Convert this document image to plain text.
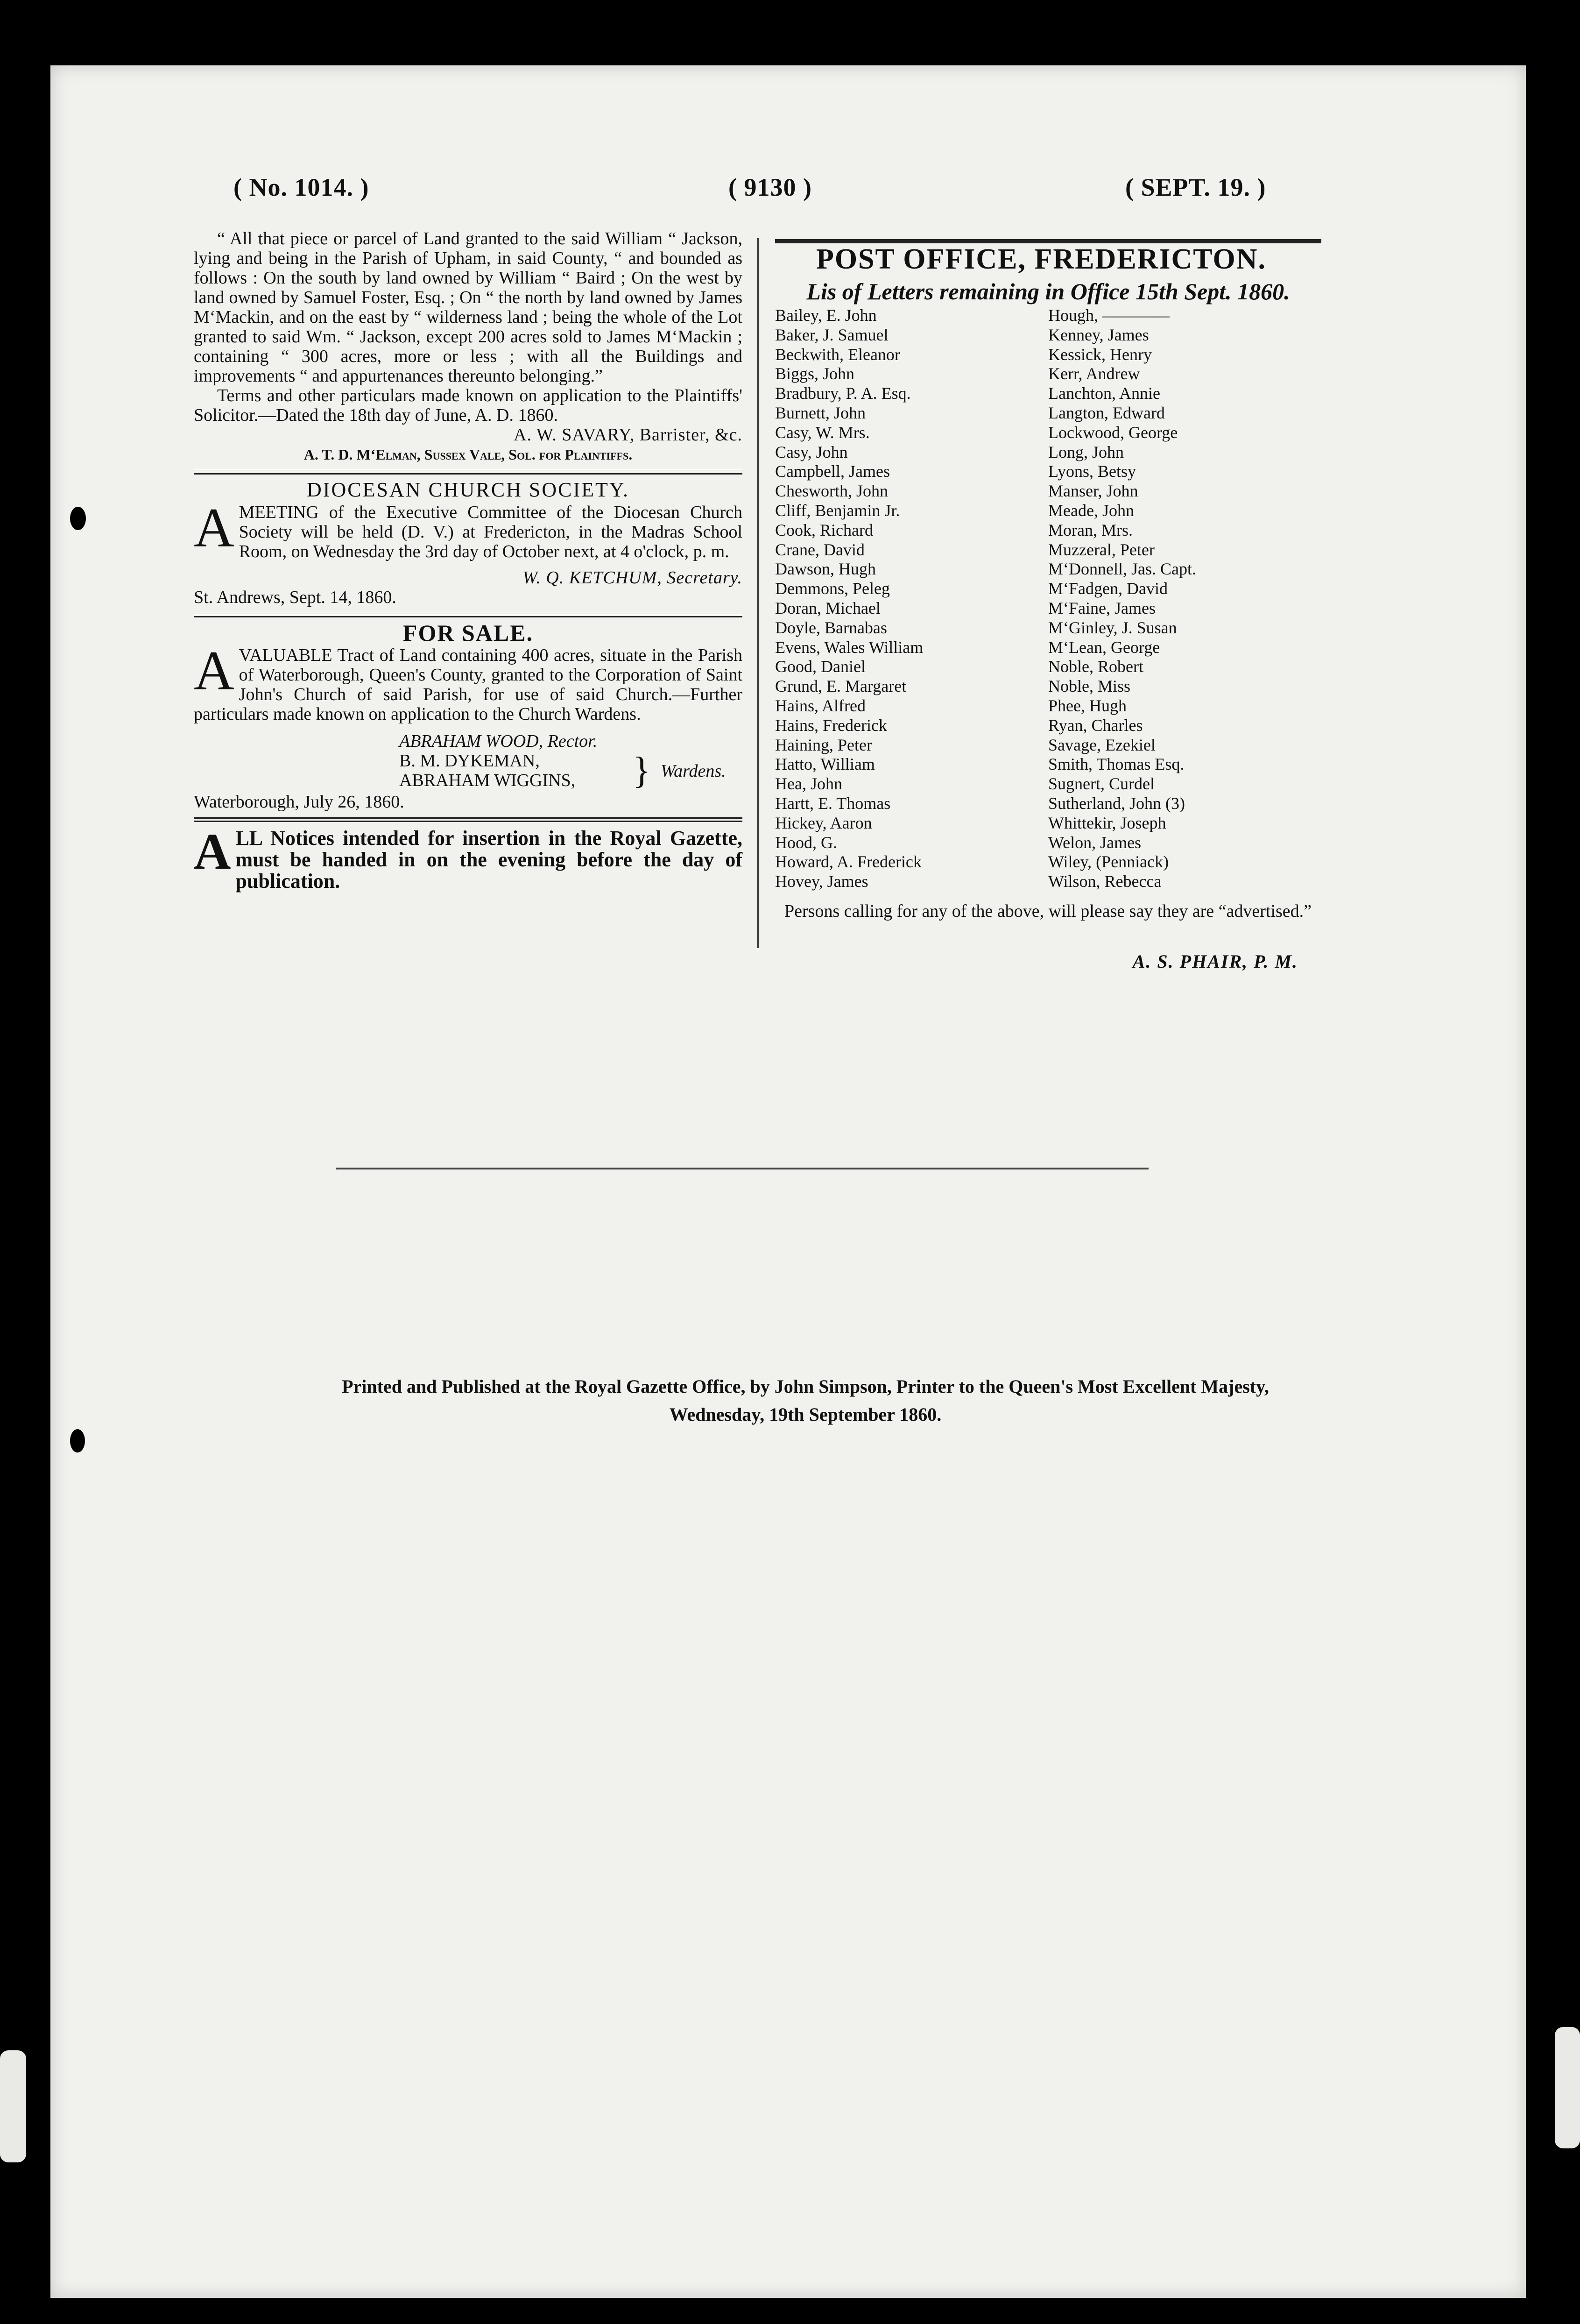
( No. 1014. )	( 9130 )	( SEPT. 19. )

“ All that piece or parcel of Land granted to the said William “ Jackson, lying and being in the Parish of Upham, in said County, “ and bounded as follows : On the south by land owned by William “ Baird ; On the west by land owned by Samuel Foster, Esq. ; On “ the north by land owned by James M‘Mackin, and on the east by “ wilderness land ; being the whole of the Lot granted to said Wm. “ Jackson, except 200 acres sold to James M‘Mackin ; containing “ 300 acres, more or less ; with all the Buildings and improvements “ and appurtenances thereunto belonging.”

Terms and other particulars made known on application to the Plaintiffs' Solicitor.—Dated the 18th day of June, A. D. 1860.

A. W. SAVARY, Barrister, &c.

A. T. D. M‘Elman, Sussex Vale, Sol. for Plaintiffs.

DIOCESAN CHURCH SOCIETY.

A MEETING of the Executive Committee of the Diocesan Church Society will be held (D. V.) at Fredericton, in the Madras School Room, on Wednesday the 3rd day of October next, at 4 o'clock, p. m.

W. Q. KETCHUM, Secretary.

St. Andrews, Sept. 14, 1860.

FOR SALE.

A VALUABLE Tract of Land containing 400 acres, situate in the Parish of Waterborough, Queen's County, granted to the Corporation of Saint John's Church of said Parish, for use of said Church.—Further particulars made known on application to the Church Wardens.

ABRAHAM WOOD, Rector.
B. M. DYKEMAN,
ABRAHAM WIGGINS,	} Wardens.

Waterborough, July 26, 1860.

A LL Notices intended for insertion in the Royal Gazette, must be handed in on the evening before the day of publication.

POST OFFICE, FREDERICTON.
Lis of Letters remaining in Office 15th Sept. 1860.
Bailey, E. John
Baker, J. Samuel
Beckwith, Eleanor
Biggs, John
Bradbury, P. A. Esq.
Burnett, John
Casy, W. Mrs.
Casy, John
Campbell, James
Chesworth, John
Cliff, Benjamin Jr.
Cook, Richard
Crane, David
Dawson, Hugh
Demmons, Peleg
Doran, Michael
Doyle, Barnabas
Evens, Wales William
Good, Daniel
Grund, E. Margaret
Hains, Alfred
Hains, Frederick
Haining, Peter
Hatto, William
Hea, John
Hartt, E. Thomas
Hickey, Aaron
Hood, G.
Howard, A. Frederick
Hovey, James
Hough, ————
Kenney, James
Kessick, Henry
Kerr, Andrew
Lanchton, Annie
Langton, Edward
Lockwood, George
Long, John
Lyons, Betsy
Manser, John
Meade, John
Moran, Mrs.
Muzzeral, Peter
M‘Donnell, Jas. Capt.
M‘Fadgen, David
M‘Faine, James
M‘Ginley, J. Susan
M‘Lean, George
Noble, Robert
Noble, Miss
Phee, Hugh
Ryan, Charles
Savage, Ezekiel
Smith, Thomas Esq.
Sugnert, Curdel
Sutherland, John (3)
Whittekir, Joseph
Welon, James
Wiley, (Penniack)
Wilson, Rebecca
Persons calling for any of the above, will please say they are “advertised.”
A. S. PHAIR, P. M.
Printed and Published at the Royal Gazette Office, by John Simpson, Printer to the Queen's Most Excellent Majesty,
Wednesday, 19th September 1860.
